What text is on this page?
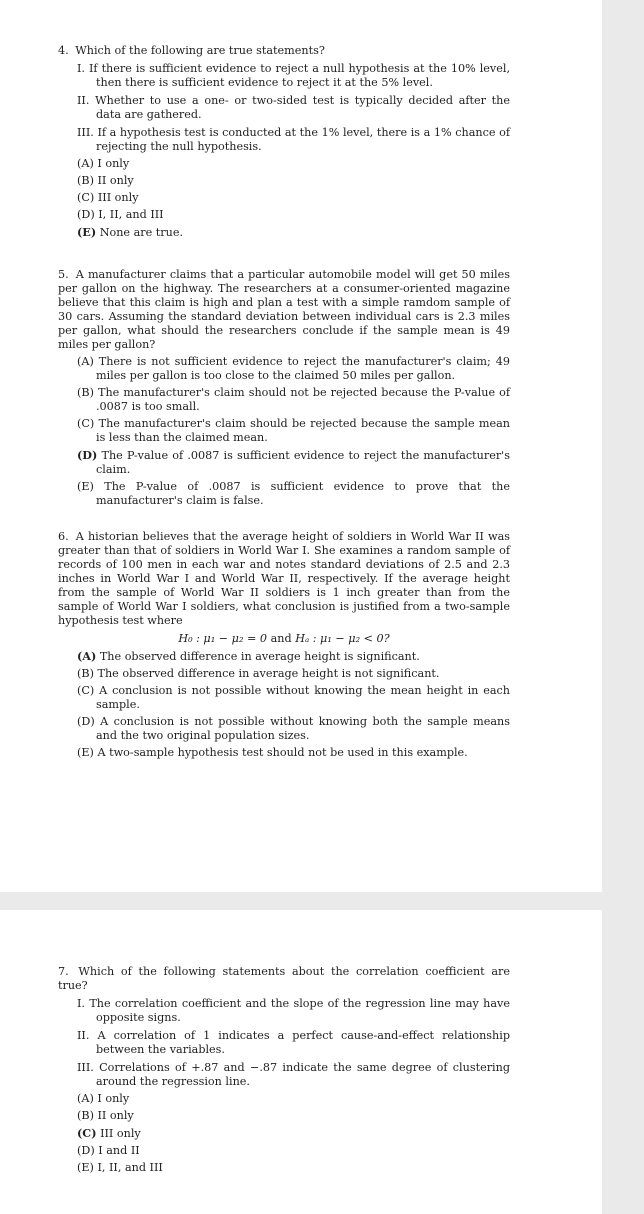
4. Which of the following are true statements?
I. If there is sufficient evidence to reject a null hypothesis at the 10% level, then there is sufficient evidence to reject it at the 5% level.
II. Whether to use a one- or two-sided test is typically decided after the data are gathered.
III. If a hypothesis test is conducted at the 1% level, there is a 1% chance of rejecting the null hypothesis.
(A) I only
(B) II only
(C) III only
(D) I, II, and III
(E) None are true.
5. A manufacturer claims that a particular automobile model will get 50 miles per gallon on the highway. The researchers at a consumer-oriented magazine believe that this claim is high and plan a test with a simple ramdom sample of 30 cars. Assuming the standard deviation between individual cars is 2.3 miles per gallon, what should the researchers conclude if the sample mean is 49 miles per gallon?
(A) There is not sufficient evidence to reject the manufacturer's claim; 49 miles per gallon is too close to the claimed 50 miles per gallon.
(B) The manufacturer's claim should not be rejected because the P-value of .0087 is too small.
(C) The manufacturer's claim should be rejected because the sample mean is less than the claimed mean.
(D) The P-value of .0087 is sufficient evidence to reject the manufacturer's claim.
(E) The P-value of .0087 is sufficient evidence to prove that the manufacturer's claim is false.
6. A historian believes that the average height of soldiers in World War II was greater than that of soldiers in World War I. She examines a random sample of records of 100 men in each war and notes standard deviations of 2.5 and 2.3 inches in World War I and World War II, respectively. If the average height from the sample of World War II soldiers is 1 inch greater than from the sample of World War I soldiers, what conclusion is justified from a two-sample hypothesis test where
H₀ : μ₁ − μ₂ = 0 and Hₐ : μ₁ − μ₂ < 0?
(A) The observed difference in average height is significant.
(B) The observed difference in average height is not significant.
(C) A conclusion is not possible without knowing the mean height in each sample.
(D) A conclusion is not possible without knowing both the sample means and the two original population sizes.
(E) A two-sample hypothesis test should not be used in this example.
7. Which of the following statements about the correlation coefficient are true?
I. The correlation coefficient and the slope of the regression line may have opposite signs.
II. A correlation of 1 indicates a perfect cause-and-effect relationship between the variables.
III. Correlations of +.87 and −.87 indicate the same degree of clustering around the regression line.
(A) I only
(B) II only
(C) III only
(D) I and II
(E) I, II, and III
